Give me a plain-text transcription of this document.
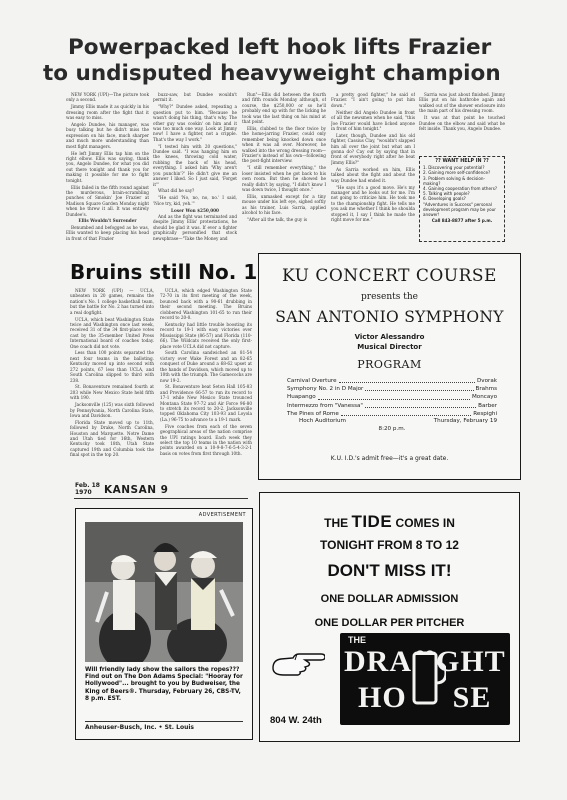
Powerpacked left hook lifts Frazier
to undisputed heavyweight champion

NEW YORK (UPI)—The picture took only a second.

Jimmy Ellis made it as quickly in his dressing room after the fight that it was easy to miss.

Angelo Dundee, his manager, was busy talking but he didn't miss the expression on his face, much sharper and much more understanding than most fight managers.

He left Jimmy Ellis tap him on the right elbow. Ellis was saying, thank you, Angelo Dundee, for what you did out there tonight and thank you for making it possible for me to fight tonight.

Ellis failed in the fifth round against the murderous, brain-scrambling punches of Smokin' Joe Frazier at Madison Square Garden Monday night when he threw it all. It was entirely Dundee's.

Ellis Wouldn't Surrender

Benumbed and befogged as he was, Ellis wanted to keep placing his head in front of that Frazier

buzz-saw, but Dundee wouldn't permit it.

"Why?" Dundee asked, repeating a question put to him. "Because he wasn't doing his thing, that's why. The other guy was cookin' on him and it was too much one way. Look at Jimmy now! I have a fighter, not a cripple. That's the way I work."

"I tested him with 20 questions," Dundee said. "I was hanging him on the knees, throwing cold water, rubbing the back of his head, everything. I asked him 'Why aren't you punchin'?' He didn't give me an answer I liked. So I just said, 'Forget it'"

What did he say?

"He said 'No, no, no, no.' I said, 'Nice try, kid, yeh.'"

Loser Won $250,000

And as the fight was terminated and despite Jimmy Ellis' protestations, he should be glad it was. If ever a fighter graphically personified that stock newsphrase—"Take the Money and

Run"—Ellis did between the fourth and fifth rounds Monday although, of course, the $250,000 or so he'll probably end up with for the licking he took was the last thing on his mind at that point.

Ellis, clubbed to the floor twice by the home-jarring Frazier, could only remember being knocked down once when it was all over. Moreover, he walked into the wrong dressing room—Frazier's instead of his own—following the post-fight interview.

"I still remember everything," the loser insisted when he got back to his own room. But then he showed he really didn't by saying, "I didn't know I was down twice, I thought once."

Ellis, unmasked except for a tiny mouse under his left eye, sighed softly as his trainer, Luis Sarria, applied alcohol to his face.

"After all the talk, the guy is

a pretty good fighter," he said of Frazier. "I ain't going to put him down."

Neither did Angelo Dundee in front of all the newsmen when he said, "this Joe Frazier would have licked anyone in front of him tonight."

Later, though, Dundee and his old fighter, Cassius Clay, "wouldn't slapped him all over the joint but what am I gonna do? Cay out by saying that in front of everybody right after he beat Jimmy Ellis?"

As Sarria worked on him, Ellis talked about the fight and about the way Dundee had ended it.

"He says it's a good move. He's my manager and he looks out for me. I'm not going to criticize him. He took me to the championship fight. He tells me you ask me whether I think he shoulda stopped it, I say I think he made the right move for me."

Sarria was just about finished. Jimmy Ellis put on his bathrobe again and walked out of the shower enclosure into the main part of his dressing room.

It was at that point he touched Dundee on the elbow and said what he felt inside. Thank you, Angelo Dundee.

?? WANT HELP IN ??
1. Discovering your potential?
2. Gaining more self-confidence?
3. Problem solving & decision-making?
4. Gaining cooperation from others?
5. Talking with people?
6. Developing goals?
"Adventures in Success" personal development program may be your answer!
Call 843-8877 after 5 p.m.
Bruins still No. 1

NEW YORK (UPI) — UCLA, unbeaten in 20 games, remains the nation's No. 1 college basketball team, but the battle for No. 2 has turned into a real dogfight.

UCLA, which beat Washington State twice and Washington once last week, received 31 of the 34 first-place votes cast by the 35-member United Press International board of coaches today. One coach did not vote.

Less than 100 points separated the next four teams in the balloting. Kentucky moved up into second with 272 points, 67 less than UCLA, and South Carolina slipped to third with 238.

St. Bonaventure remained fourth at 203 while New Mexico State held fifth with 190.

Jacksonville (125) was sixth followed by Pennsylvania, North Carolina State, Iowa and Davidson.

Florida State moved up to 11th, followed by Drake, North Carolina, Houston and Marquette. Notre Dame and Utah tied for 16th, Western Kentucky took 18th, Utah State captured 19th and Columbia took the final spot in the top 20.

UCLA, which edged Washington State 72-70 in its first meeting of the week, bounced back with a 90-61 drubbing in their second meeting. The Bruins clobbered Washington 101-65 to run their record to 20-0.

Kentucky had little trouble boosting its record to 19-1 with easy victories over Mississippi State (86-57) and Florida (110-66). The Wildcats received the only first-place vote UCLA did not capture.

South Carolina sandwiched an 81-54 victory over Wake Forest and an 82-65 conquest of Duke around a 68-62 upset at the hands of Davidson, which moved up to 10th with the triumph. The Gamecocks are now 19-2.

St. Bonaventure beat Seton Hall 105-83 and Providence 66-57 to run its record to 17-1 while New Mexico State trounced Montana State 97-72 and Air Force 96-80 to stretch its record to 20-2. Jacksonville topped Oklahoma City 103-93 and Loyola (La.) 96-75 to advance to a 19-1 mark.

Five coaches from each of the seven geographical areas of the nation comprise the UPI ratings board. Each week they select the top 10 teams in the nation with points awarded on a 10-9-8-7-6-5-4-3-2-1 basis on votes from first through 10th.

Feb. 18
1970	KANSAN 9
ADVERTISEMENT
Will friendly lady show the sailors the ropes??? Find out on The Don Adams Special: "Hooray for Hollywood"... brought to you by Budweiser, the King of Beers®. Thursday, February 26, CBS-TV, 8 p.m. EST.
Anheuser-Busch, Inc. • St. Louis
KU CONCERT COURSE
presents the
SAN ANTONIO SYMPHONY
Victor Alessandro
Musical Director
PROGRAM
Carnival Overture	Dvorak
Symphony No. 2 in D Major	Brahms
Huapango	Moncayo
Intermezzo from "Vanessa"	Barber
The Pines of Rome	Respighi
Hoch Auditorium	Thursday, February 19
8:20 p.m.
K.U. I.D.'s admit free—it's a great date.
THE TIDE COMES IN
TONIGHT FROM 8 TO 12
DON'T MISS IT!
ONE DOLLAR ADMISSION
ONE DOLLAR PER PITCHER
THE
DRA GHT
HO SE
804 W. 24th
